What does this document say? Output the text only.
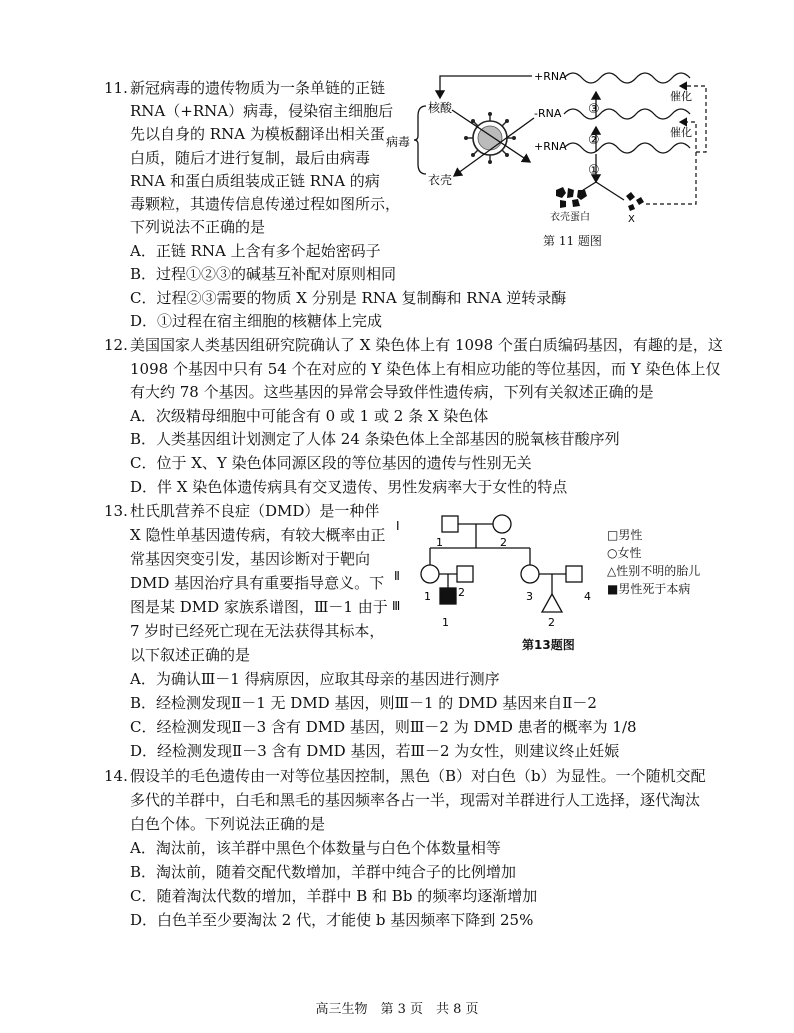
11. 新冠病毒的遗传物质为一条单链的正链
RNA（+RNA）病毒，侵染宿主细胞后
先以自身的 RNA 为模板翻译出相关蛋
白质，随后才进行复制，最后由病毒
RNA 和蛋白质组装成正链 RNA 的病
毒颗粒，其遗传信息传递过程如图所示，
下列说法不正确的是
A．正链 RNA 上含有多个起始密码子
B．过程①②③的碱基互补配对原则相同
C．过程②③需要的物质 X 分别是 RNA 复制酶和 RNA 逆转录酶
D．①过程在宿主细胞的核糖体上完成
病毒
核酸
衣壳
+RNA
-RNA
+RNA
③
②
①
衣壳蛋白	X
催化
催化
第 11 题图
12. 美国国家人类基因组研究院确认了 X 染色体上有 1098 个蛋白质编码基因，有趣的是，这
1098 个基因中只有 54 个在对应的 Y 染色体上有相应功能的等位基因，而 Y 染色体上仅
有大约 78 个基因。这些基因的异常会导致伴性遗传病，下列有关叙述正确的是
A．次级精母细胞中可能含有 0 或 1 或 2 条 X 染色体
B．人类基因组计划测定了人体 24 条染色体上全部基因的脱氧核苷酸序列
C．位于 X、Y 染色体同源区段的等位基因的遗传与性别无关
D．伴 X 染色体遗传病具有交叉遗传、男性发病率大于女性的特点
13. 杜氏肌营养不良症（DMD）是一种伴
X 隐性单基因遗传病，有较大概率由正
常基因突变引发，基因诊断对于靶向
DMD 基因治疗具有重要指导意义。下
图是某 DMD 家族系谱图，Ⅲ－1 由于
7 岁时已经死亡现在无法获得其标本，
以下叙述正确的是
A．为确认Ⅲ－1 得病原因，应取其母亲的基因进行测序
B．经检测发现Ⅱ－1 无 DMD 基因，则Ⅲ－1 的 DMD 基因来自Ⅱ－2
C．经检测发现Ⅱ－3 含有 DMD 基因，则Ⅲ－2 为 DMD 患者的概率为 1/8
D．经检测发现Ⅱ－3 含有 DMD 基因，若Ⅲ－2 为女性，则建议终止妊娠
Ⅰ
Ⅱ
Ⅲ
1	2
1 2	3	4
1	2
第13题图
□男性
○女性
△性别不明的胎儿
■男性死于本病
14. 假设羊的毛色遗传由一对等位基因控制，黑色（B）对白色（b）为显性。一个随机交配
多代的羊群中，白毛和黑毛的基因频率各占一半，现需对羊群进行人工选择，逐代淘汰
白色个体。下列说法正确的是
A．淘汰前，该羊群中黑色个体数量与白色个体数量相等
B．淘汰前，随着交配代数增加，羊群中纯合子的比例增加
C．随着淘汰代数的增加，羊群中 B 和 Bb 的频率均逐渐增加
D．白色羊至少要淘汰 2 代，才能使 b 基因频率下降到 25%
高三生物　第 3 页　共 8 页
